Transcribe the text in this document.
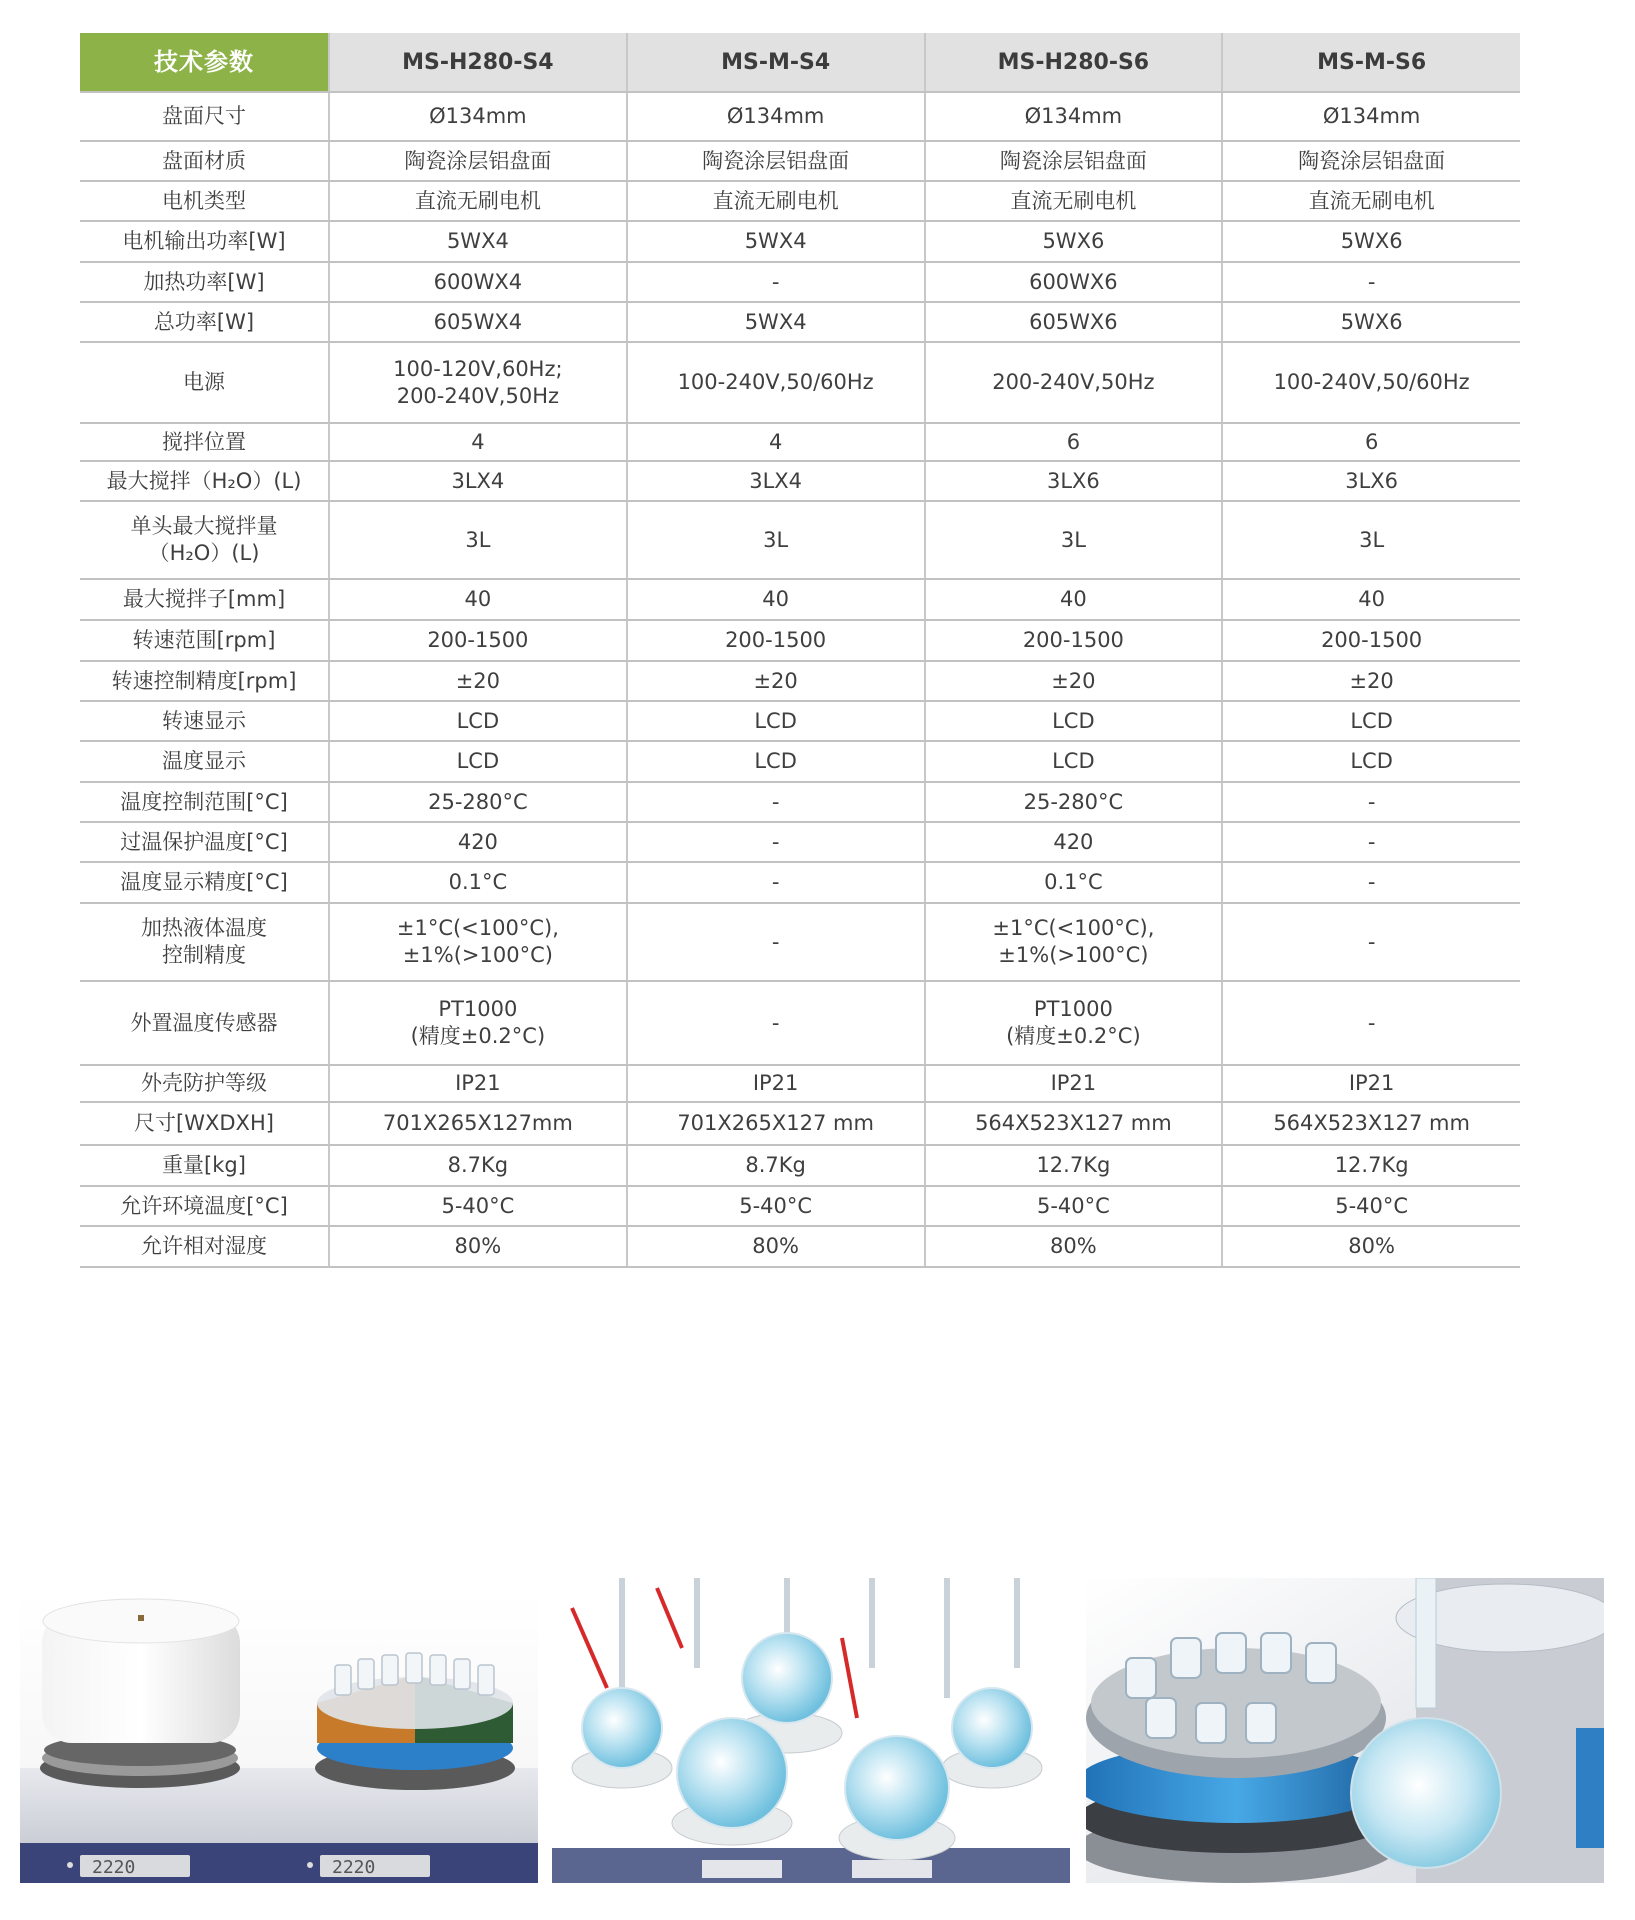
技术参数	MS-H280-S4	MS-M-S4	MS-H280-S6	MS-M-S6

盘面尺寸	Ø134mm	Ø134mm	Ø134mm	Ø134mm

盘面材质	陶瓷涂层铝盘面	陶瓷涂层铝盘面	陶瓷涂层铝盘面	陶瓷涂层铝盘面

电机类型	直流无刷电机	直流无刷电机	直流无刷电机	直流无刷电机

电机输出功率[W]	5WX4	5WX4	5WX6	5WX6

加热功率[W]	600WX4	-	600WX6	-

总功率[W]	605WX4	5WX4	605WX6	5WX6

电源	100-120V,60Hz;
200-240V,50Hz	100-240V,50/60Hz	200-240V,50Hz	100-240V,50/60Hz

搅拌位置	4	4	6	6

最大搅拌（H₂O）(L)	3LX4	3LX4	3LX6	3LX6

单头最大搅拌量
（H₂O）(L)	3L	3L	3L	3L

最大搅拌子[mm]	40	40	40	40

转速范围[rpm]	200-1500	200-1500	200-1500	200-1500

转速控制精度[rpm]	±20	±20	±20	±20

转速显示	LCD	LCD	LCD	LCD

温度显示	LCD	LCD	LCD	LCD

温度控制范围[°C]	25-280°C	-	25-280°C	-

过温保护温度[°C]	420	-	420	-

温度显示精度[°C]	0.1°C	-	0.1°C	-

加热液体温度
控制精度	±1°C(<100°C),
±1%(>100°C)	-	±1°C(<100°C),
±1%(>100°C)	-

外置温度传感器	PT1000
(精度±0.2°C)	-	PT1000
(精度±0.2°C)	-

外壳防护等级	IP21	IP21	IP21	IP21

尺寸[WXDXH]	701X265X127mm	701X265X127 mm	564X523X127 mm	564X523X127 mm

重量[kg]	8.7Kg	8.7Kg	12.7Kg	12.7Kg

允许环境温度[°C]	5-40°C	5-40°C	5-40°C	5-40°C

允许相对湿度	80%	80%	80%	80%
2220	2220
